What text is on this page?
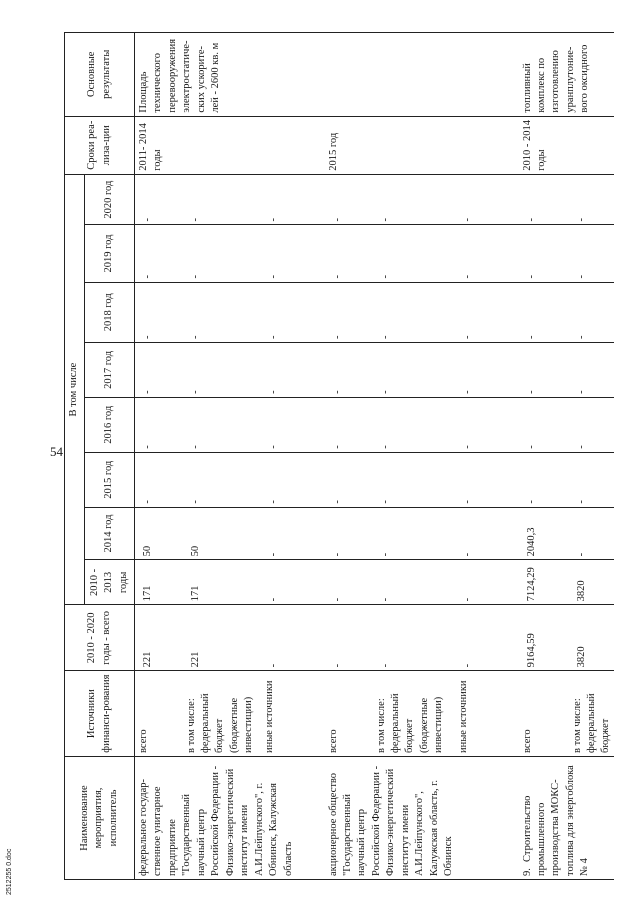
54
2512255 0.doc
Наименование мероприятия, исполнитель	Источники финанси-рования	2010 - 2020 годы - всего	В том числе								Сроки реа-лиза-ции	Основные результаты
			2010 - 2013 годы	2014 год	2015 год	2016 год	2017 год	2018 год	2019 год	2020 год		
федеральное государ-ственное унитарное предприятие "Государственный научный центр Российской Федерации - Физико-энергетический институт имени А.И.Лейпунского", г. Обнинск, Калужская область	всего	221	171	50	-	-	-	-	-	-	2011- 2014 годы	Площадь технического перевооружения электростатиче-ских ускорите-лей - 2600 кв. м
	в том числе: федеральный бюджет (бюджетные инвестиции)	221	171	50	-	-	-	-	-	-		
	иные источники	-	-	-	-	-	-	-	-	-		
акционерное общество "Государственный научный центр Российской Федерации - Физико-энергетический институт имени А.И.Лейпунского", Калужская область, г. Обнинск	всего	-	-	-	-	-	-	-	-	-	2015 год	
	в том числе: федеральный бюджет (бюджетные инвестиции)	-	-	-	-	-	-	-	-	-		
	иные источники	-	-	-	-	-	-	-	-	-		
9.Строительство промышленного производства МОКС-топлива для энергоблока № 4	всего	9164,59	7124,29	2040,3	-	-	-	-	-	-	2010 - 2014 годы	топливный комплекс по изготовлению уранплутоние-вого оксидного
	в том числе: федеральный бюджет	3820	3820	-	-	-	-	-	-	-		
